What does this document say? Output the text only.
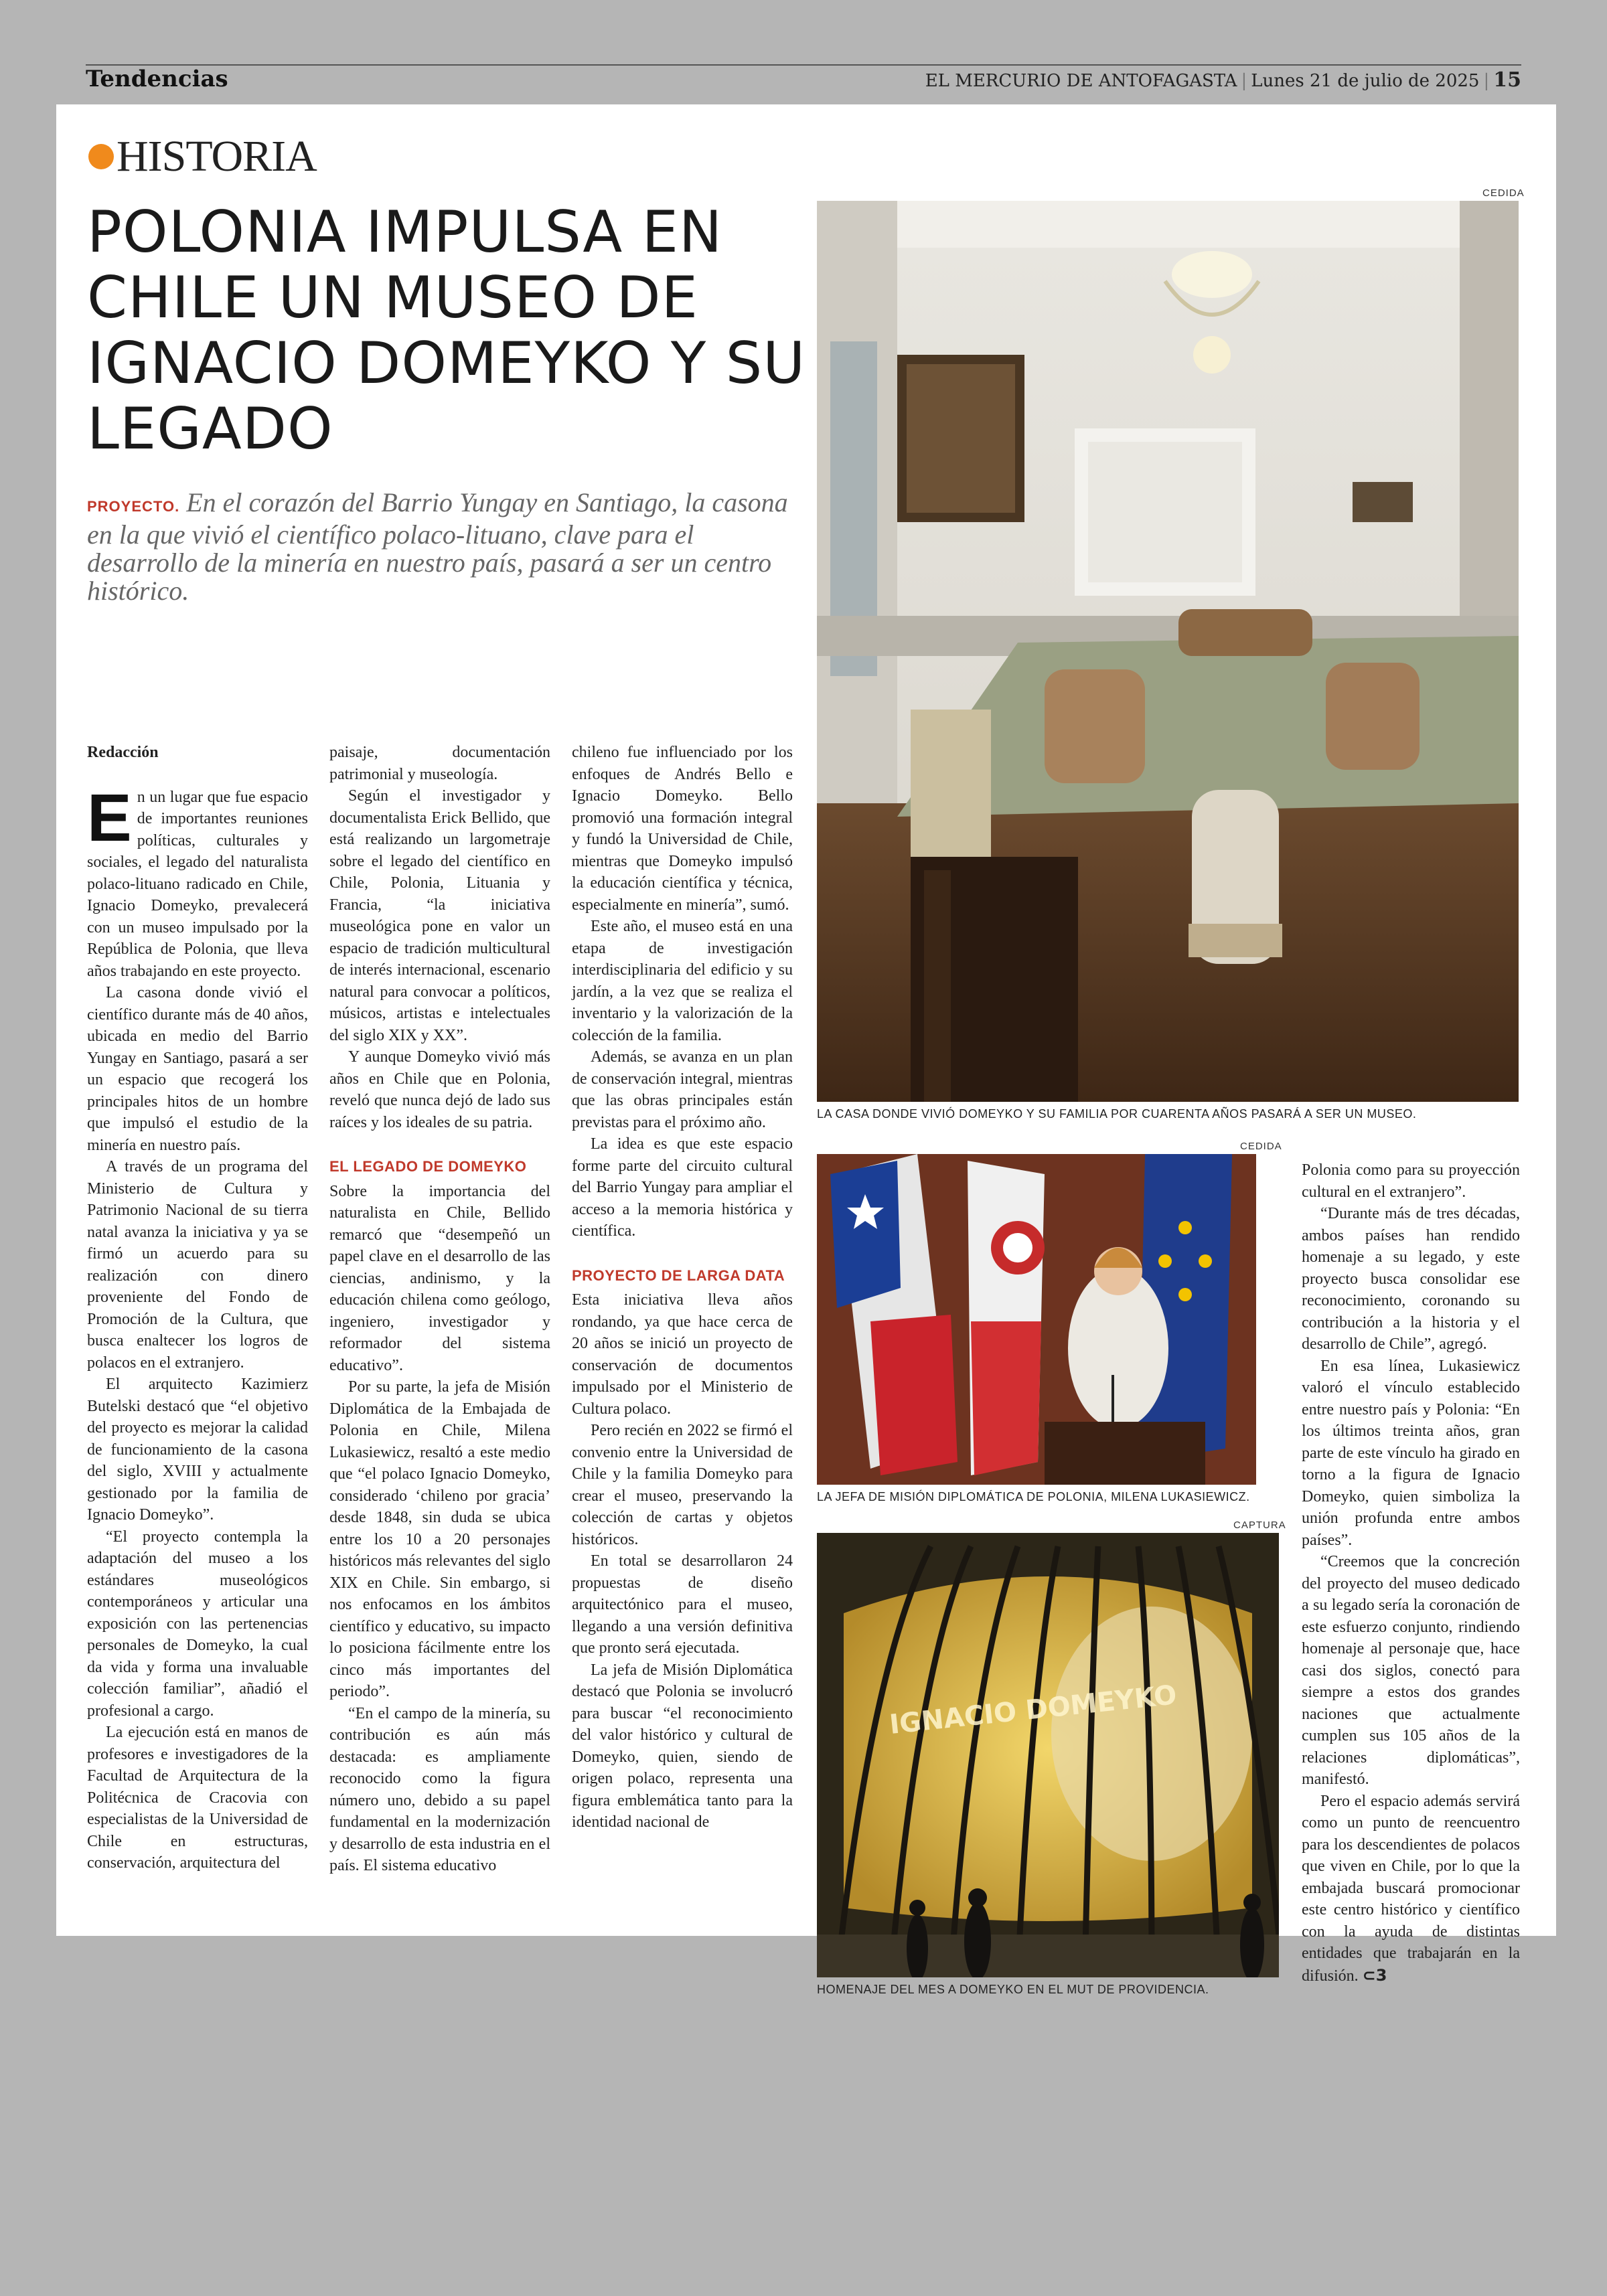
Tendencias	EL MERCURIO DE ANTOFAGASTA | Lunes 21 de julio de 2025 | 15
HISTORIA
POLONIA IMPULSA EN CHILE UN MUSEO DE IGNACIO DOMEYKO Y SU LEGADO
PROYECTO. En el corazón del Barrio Yungay en Santiago, la casona en la que vivió el científico polaco-lituano, clave para el desarrollo de la minería en nuestro país, pasará a ser un centro histórico.
CEDIDA
LA CASA DONDE VIVIÓ DOMEYKO Y SU FAMILIA POR CUARENTA AÑOS PASARÁ A SER UN MUSEO.
CEDIDA
LA JEFA DE MISIÓN DIPLOMÁTICA DE POLONIA, MILENA LUKASIEWICZ.
CAPTURA
IGNACIO DOMEYKO
HOMENAJE DEL MES A DOMEYKO EN EL MUT DE PROVIDENCIA.

Redacción

En un lugar que fue espacio de importantes reuniones políticas, culturales y sociales, el legado del naturalista polaco-lituano radicado en Chile, Ignacio Domeyko, prevalecerá con un museo impulsado por la República de Polonia, que lleva años trabajando en este proyecto.

La casona donde vivió el científico durante más de 40 años, ubicada en medio del Barrio Yungay en Santiago, pasará a ser un espacio que recogerá los principales hitos de un hombre que impulsó el estudio de la minería en nuestro país.

A través de un programa del Ministerio de Cultura y Patrimonio Nacional de su tierra natal avanza la iniciativa y ya se firmó un acuerdo para su realización con dinero proveniente del Fondo de Promoción de la Cultura, que busca enaltecer los logros de polacos en el extranjero.

El arquitecto Kazimierz Butelski destacó que “el objetivo del proyecto es mejorar la calidad de funcionamiento de la casona del siglo, XVIII y actualmente gestionado por la familia de Ignacio Domeyko”.

“El proyecto contempla la adaptación del museo a los estándares museológicos contemporáneos y articular una exposición con las pertenencias personales de Domeyko, la cual da vida y forma una invaluable colección familiar”, añadió el profesional a cargo.

La ejecución está en manos de profesores e investigadores de la Facultad de Arquitectura de la Politécnica de Cracovia con especialistas de la Universidad de Chile en estructuras, conservación, arquitectura del

paisaje, documentación patrimonial y museología.

Según el investigador y documentalista Erick Bellido, que está realizando un largometraje sobre el legado del científico en Chile, Polonia, Lituania y Francia, “la iniciativa museológica pone en valor un espacio de tradición multicultural de interés internacional, escenario natural para convocar a políticos, músicos, artistas e intelectuales del siglo XIX y XX”.

Y aunque Domeyko vivió más años en Chile que en Polonia, reveló que nunca dejó de lado sus raíces y los ideales de su patria.

EL LEGADO DE DOMEYKO

Sobre la importancia del naturalista en Chile, Bellido remarcó que “desempeñó un papel clave en el desarrollo de las ciencias, andinismo, y la educación chilena como geólogo, ingeniero, investigador y reformador del sistema educativo”.

Por su parte, la jefa de Misión Diplomática de la Embajada de Polonia en Chile, Milena Lukasiewicz, resaltó a este medio que “el polaco Ignacio Domeyko, considerado ‘chileno por gracia’ desde 1848, sin duda se ubica entre los 10 a 20 personajes históricos más relevantes del siglo XIX en Chile. Sin embargo, si nos enfocamos en los ámbitos científico y educativo, su impacto lo posiciona fácilmente entre los cinco más importantes del periodo”.

“En el campo de la minería, su contribución es aún más destacada: es ampliamente reconocido como la figura número uno, debido a su papel fundamental en la modernización y desarrollo de esta industria en el país. El sistema educativo

chileno fue influenciado por los enfoques de Andrés Bello e Ignacio Domeyko. Bello promovió una formación integral y fundó la Universidad de Chile, mientras que Domeyko impulsó la educación científica y técnica, especialmente en minería”, sumó.

Este año, el museo está en una etapa de investigación interdisciplinaria del edificio y su jardín, a la vez que se realiza el inventario y la valorización de la colección de la familia.

Además, se avanza en un plan de conservación integral, mientras que las obras principales están previstas para el próximo año.

La idea es que este espacio forme parte del circuito cultural del Barrio Yungay para ampliar el acceso a la memoria histórica y científica.

PROYECTO DE LARGA DATA

Esta iniciativa lleva años rondando, ya que hace cerca de 20 años se inició un proyecto de conservación de documentos impulsado por el Ministerio de Cultura polaco.

Pero recién en 2022 se firmó el convenio entre la Universidad de Chile y la familia Domeyko para crear el museo, preservando la colección de cartas y objetos históricos.

En total se desarrollaron 24 propuestas de diseño arquitectónico para el museo, llegando a una versión definitiva que pronto será ejecutada.

La jefa de Misión Diplomática destacó que Polonia se involucró para buscar “el reconocimiento del valor histórico y cultural de Domeyko, quien, siendo de origen polaco, representa una figura emblemática tanto para la identidad nacional de

Polonia como para su proyección cultural en el extranjero”.

“Durante más de tres décadas, ambos países han rendido homenaje a su legado, y este proyecto busca consolidar ese reconocimiento, coronando su contribución a la historia y el desarrollo de Chile”, agregó.

En esa línea, Lukasiewicz valoró el vínculo establecido entre nuestro país y Polonia: “En los últimos treinta años, gran parte de este vínculo ha girado en torno a la figura de Ignacio Domeyko, quien simboliza la unión profunda entre ambos países”.

“Creemos que la concreción del proyecto del museo dedicado a su legado sería la coronación de este esfuerzo conjunto, rindiendo homenaje al personaje que, hace casi dos siglos, conectó para siempre a estos dos grandes naciones que actualmente cumplen sus 105 años de la relaciones diplomáticas”, manifestó.

Pero el espacio además servirá como un punto de reencuentro para los descendientes de polacos que viven en Chile, por lo que la embajada buscará promocionar este centro histórico y científico con la ayuda de distintas entidades que trabajarán en la difusión. ⊂3
